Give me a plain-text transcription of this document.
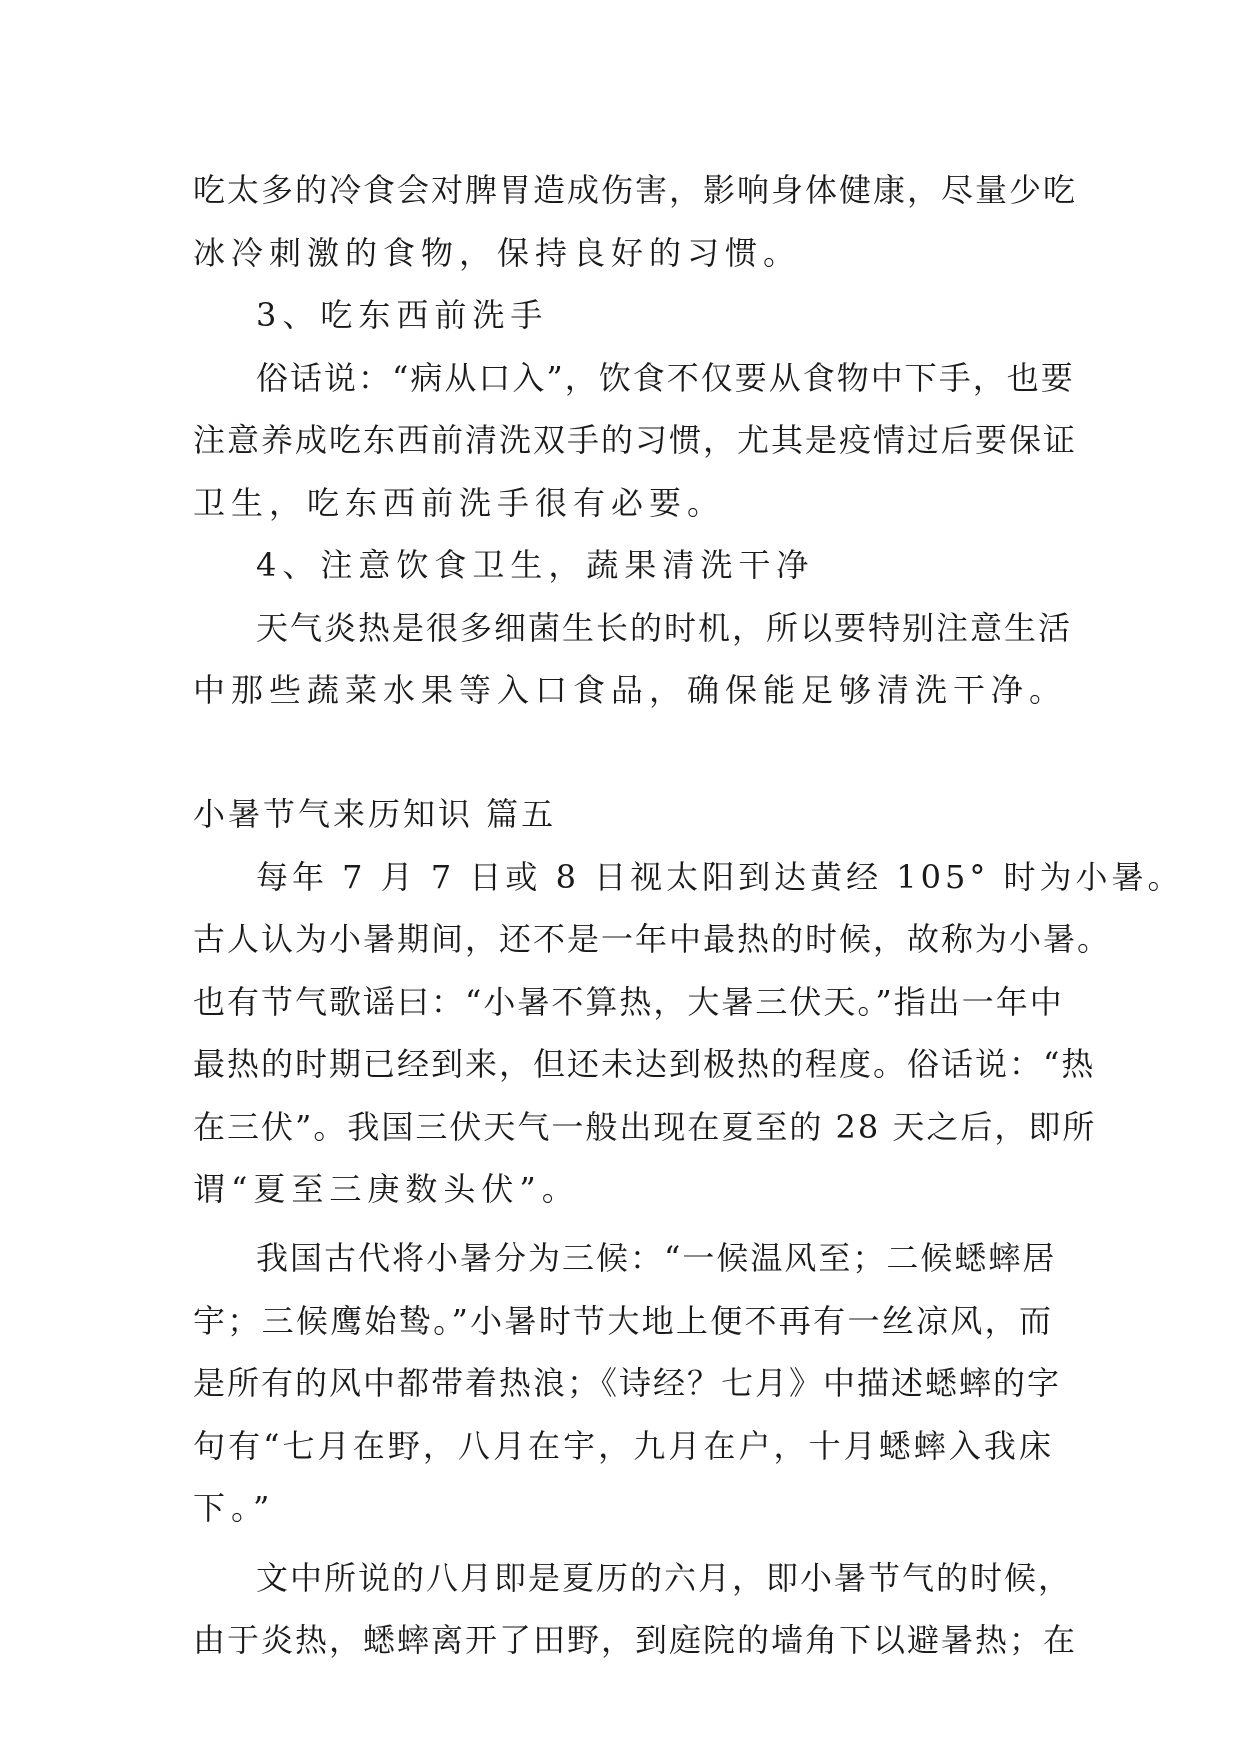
吃太多的冷食会对脾胃造成伤害，影响身体健康，尽量少吃
冰冷刺激的食物，保持良好的习惯。
3、吃东西前洗手
俗话说：“病从口入”，饮食不仅要从食物中下手，也要
注意养成吃东西前清洗双手的习惯，尤其是疫情过后要保证
卫生，吃东西前洗手很有必要。
4、注意饮食卫生，蔬果清洗干净
天气炎热是很多细菌生长的时机，所以要特别注意生活
中那些蔬菜水果等入口食品，确保能足够清洗干净。
小暑节气来历知识 篇五
每年 7 月 7 日或 8 日视太阳到达黄经 105° 时为小暑。
古人认为小暑期间，还不是一年中最热的时候，故称为小暑。
也有节气歌谣曰：“小暑不算热，大暑三伏天。”指出一年中
最热的时期已经到来，但还未达到极热的程度。俗话说：“热
在三伏”。我国三伏天气一般出现在夏至的 28 天之后，即所
谓“夏至三庚数头伏”。
我国古代将小暑分为三候：“一候温风至；二候蟋蟀居
宇；三候鹰始鸷。”小暑时节大地上便不再有一丝凉风，而
是所有的风中都带着热浪；《诗经？七月》中描述蟋蟀的字
句有“七月在野，八月在宇，九月在户，十月蟋蟀入我床
下。”
文中所说的八月即是夏历的六月，即小暑节气的时候，
由于炎热，蟋蟀离开了田野，到庭院的墙角下以避暑热；在
